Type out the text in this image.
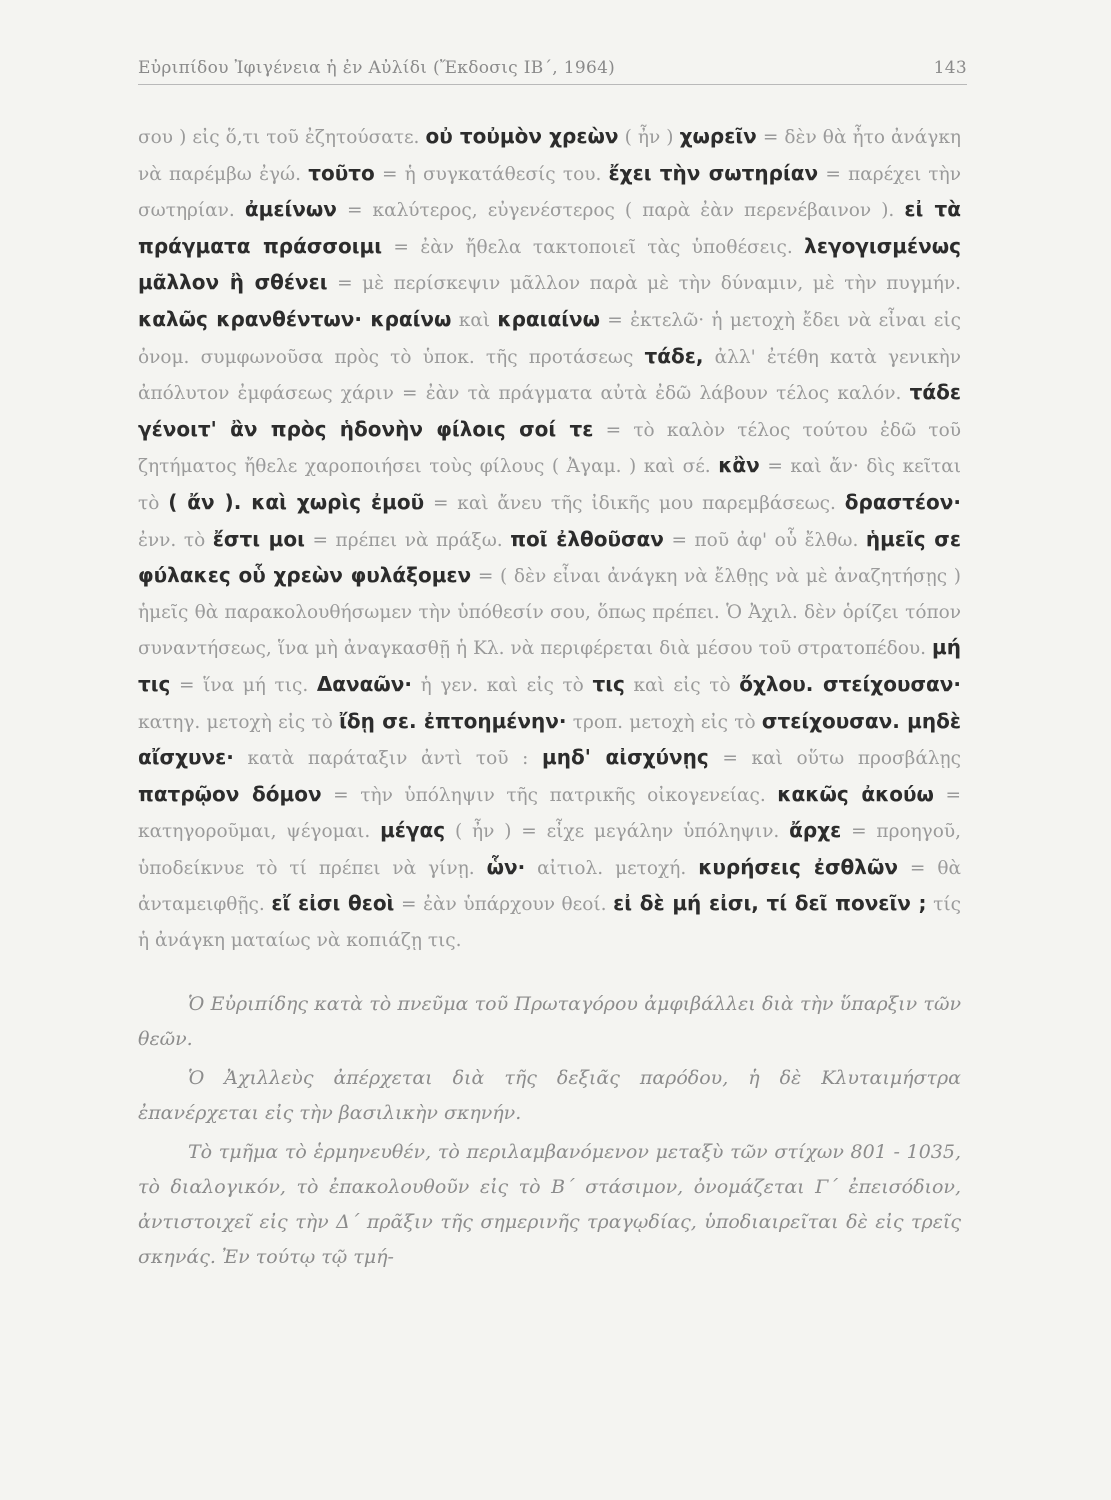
Εὐριπίδου Ἰφιγένεια ἡ ἐν Αὐλίδι (Ἔκδοσις ΙΒ΄, 1964)	143
σου ) εἰς ὅ,τι τοῦ ἐζητούσατε. οὐ τοὐμὸν χρεὼν ( ἦν ) χωρεῖν = δὲν θὰ ἦτο ἀνάγκη νὰ παρέμβω ἐγώ. τοῦτο = ἡ συγκατάθεσίς του. ἔχει τὴν σωτηρίαν = παρέχει τὴν σωτηρίαν. ἀμείνων = καλύτερος, εὐγενέστερος ( παρὰ ἐὰν περενέβαινον ). εἰ τὰ πράγματα πράσσοιμι = ἐὰν ἤθελα τακτοποιεῖ τὰς ὑποθέσεις. λεγογισμένως μᾶλλον ἢ σθένει = μὲ περίσκεψιν μᾶλλον παρὰ μὲ τὴν δύναμιν, μὲ τὴν πυγμήν. καλῶς κρανθέντων· κραίνω καὶ κραιαίνω = ἐκτελῶ· ἡ μετοχὴ ἔδει νὰ εἶναι εἰς ὀνομ. συμφωνοῦσα πρὸς τὸ ὑποκ. τῆς προτάσεως τάδε, ἀλλ' ἐτέθη κατὰ γενικὴν ἀπόλυτον ἐμφάσεως χάριν = ἐὰν τὰ πράγματα αὐτὰ ἐδῶ λάβουν τέλος καλόν. τάδε γένοιτ' ἂν πρὸς ἡδονὴν φίλοις σοί τε = τὸ καλὸν τέλος τούτου ἐδῶ τοῦ ζητήματος ἤθελε χαροποιήσει τοὺς φίλους ( Ἀγαμ. ) καὶ σέ. κἂν = καὶ ἄν· δὶς κεῖται τὸ ( ἄν ). καὶ χωρὶς ἐμοῦ = καὶ ἄνευ τῆς ἰδικῆς μου παρεμβάσεως. δραστέον· ἐνν. τὸ ἔστι μοι = πρέπει νὰ πράξω. ποῖ ἐλθοῦσαν = ποῦ ἀφ' οὗ ἔλθω. ἡμεῖς σε φύλακες οὗ χρεὼν φυλάξομεν = ( δὲν εἶναι ἀνάγκη νὰ ἔλθῃς νὰ μὲ ἀναζητήσῃς ) ἡμεῖς θὰ παρακολουθήσωμεν τὴν ὑπόθεσίν σου, ὅπως πρέπει. Ὁ Ἀχιλ. δὲν ὁρίζει τόπον συναντήσεως, ἵνα μὴ ἀναγκασθῇ ἡ Κλ. νὰ περιφέρεται διὰ μέσου τοῦ στρατοπέδου. μή τις = ἵνα μή τις. Δαναῶν· ἡ γεν. καὶ εἰς τὸ τις καὶ εἰς τὸ ὄχλου. στείχουσαν· κατηγ. μετοχὴ εἰς τὸ ἴδῃ σε. ἐπτοημένην· τροπ. μετοχὴ εἰς τὸ στείχουσαν. μηδὲ αἴσχυνε· κατὰ παράταξιν ἀντὶ τοῦ : μηδ' αἰσχύνῃς = καὶ οὕτω προσβάλῃς πατρῷον δόμον = τὴν ὑπόληψιν τῆς πατρικῆς οἰκογενείας. κακῶς ἀκούω = κατηγοροῦμαι, ψέγομαι. μέγας ( ἦν ) = εἶχε μεγάλην ὑπόληψιν. ἄρχε = προηγοῦ, ὑποδείκνυε τὸ τί πρέπει νὰ γίνῃ. ὧν· αἰτιολ. μετοχή. κυρήσεις ἐσθλῶν = θὰ ἀνταμειφθῇς. εἴ εἰσι θεοὶ = ἐὰν ὑπάρχουν θεοί. εἰ δὲ μή εἰσι, τί δεῖ πονεῖν ; τίς ἡ ἀνάγκη ματαίως νὰ κοπιάζῃ τις.

Ὁ Εὐριπίδης κατὰ τὸ πνεῦμα τοῦ Πρωταγόρου ἀμφιβάλλει διὰ τὴν ὕπαρξιν τῶν θεῶν.

Ὁ Ἀχιλλεὺς ἀπέρχεται διὰ τῆς δεξιᾶς παρόδου, ἡ δὲ Κλυταιμήστρα ἐπανέρχεται εἰς τὴν βασιλικὴν σκηνήν.

Τὸ τμῆμα τὸ ἑρμηνευθέν, τὸ περιλαμβανόμενον μεταξὺ τῶν στίχων 801 - 1035, τὸ διαλογικόν, τὸ ἐπακολουθοῦν εἰς τὸ Β΄ στάσιμον, ὀνομάζεται Γ΄ ἐπεισόδιον, ἀντιστοιχεῖ εἰς τὴν Δ΄ πρᾶξιν τῆς σημερινῆς τραγῳδίας, ὑποδιαιρεῖται δὲ εἰς τρεῖς σκηνάς. Ἐν τούτῳ τῷ τμή-
